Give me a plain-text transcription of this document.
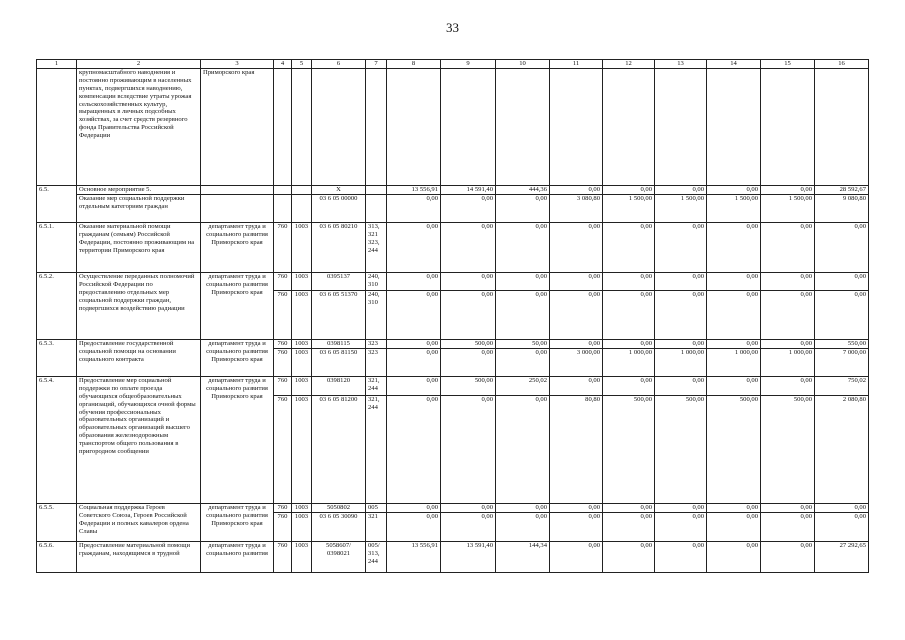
33
1	2	3	4	5	6	7	8	9	10	11	12	13	14	15	16
	крупномасштабного наводнения и постоянно проживающим в населенных пунктах, подвергшихся наводнению, компенсации вследствие утраты урожая сельскохозяйственных культур, выращенных в личных подсобных хозяйствах, за счет средств резервного фонда Правительства Российской Федерации	Приморского края													
6.5.	Основное мероприятие 5.				X		13 556,91	14 591,40	444,36	0,00	0,00	0,00	0,00	0,00	28 592,67
	Оказание мер социальной поддержки отдельным категориям граждан				03 6 05 00000		0,00	0,00	0,00	3 080,80	1 500,00	1 500,00	1 500,00	1 500,00	9 080,80
6.5.1.	Оказание материальной помощи гражданам (семьям) Российской Федерации, постоянно проживающим на территории Приморского края	департамент труда и социального развития Приморского края	760	1003	03 6 05 80210	313, 321 323, 244	0,00	0,00	0,00	0,00	0,00	0,00	0,00	0,00	0,00
6.5.2.	Осуществление переданных полномочий Российской Федерации по предоставлению отдельных мер социальной поддержки граждан, подвергшихся воздействию радиации	департамент труда и социального развития Приморского края	760	1003	0395137	240, 310	0,00	0,00	0,00	0,00	0,00	0,00	0,00	0,00	0,00
			760	1003	03 6 05 51370	240, 310	0,00	0,00	0,00	0,00	0,00	0,00	0,00	0,00	0,00
6.5.3.	Предоставление государственной социальной помощи на основании социального контракта	департамент труда и социального развития Приморского края	760	1003	0398115	323	0,00	500,00	50,00	0,00	0,00	0,00	0,00	0,00	550,00
			760	1003	03 6 05 81150	323	0,00	0,00	0,00	3 000,00	1 000,00	1 000,00	1 000,00	1 000,00	7 000,00
6.5.4.	Предоставление мер социальной поддержки по оплате проезда обучающихся общеобразовательных организаций, обучающихся очной формы обучения профессиональных образовательных организаций и образовательных организаций высшего образования железнодорожным транспортом общего пользования в пригородном сообщении	департамент труда и социального развития Приморского края	760	1003	0398120	321, 244	0,00	500,00	250,02	0,00	0,00	0,00	0,00	0,00	750,02
			760	1003	03 6 05 81200	321, 244	0,00	0,00	0,00	80,80	500,00	500,00	500,00	500,00	2 080,80
6.5.5.	Социальная поддержка Героев Советского Союза, Героев Российской Федерации и полных кавалеров ордена Славы	департамент труда и социального развития Приморского края	760	1003	5050802	005	0,00	0,00	0,00	0,00	0,00	0,00	0,00	0,00	0,00
			760	1003	03 6 05 30090	321	0,00	0,00	0,00	0,00	0,00	0,00	0,00	0,00	0,00
6.5.6.	Предоставление материальной помощи гражданам, находящимся в трудной	департамент труда и социального развития	760	1003	5058607/ 0398021	005/ 313, 244	13 556,91	13 591,40	144,34	0,00	0,00	0,00	0,00	0,00	27 292,65
